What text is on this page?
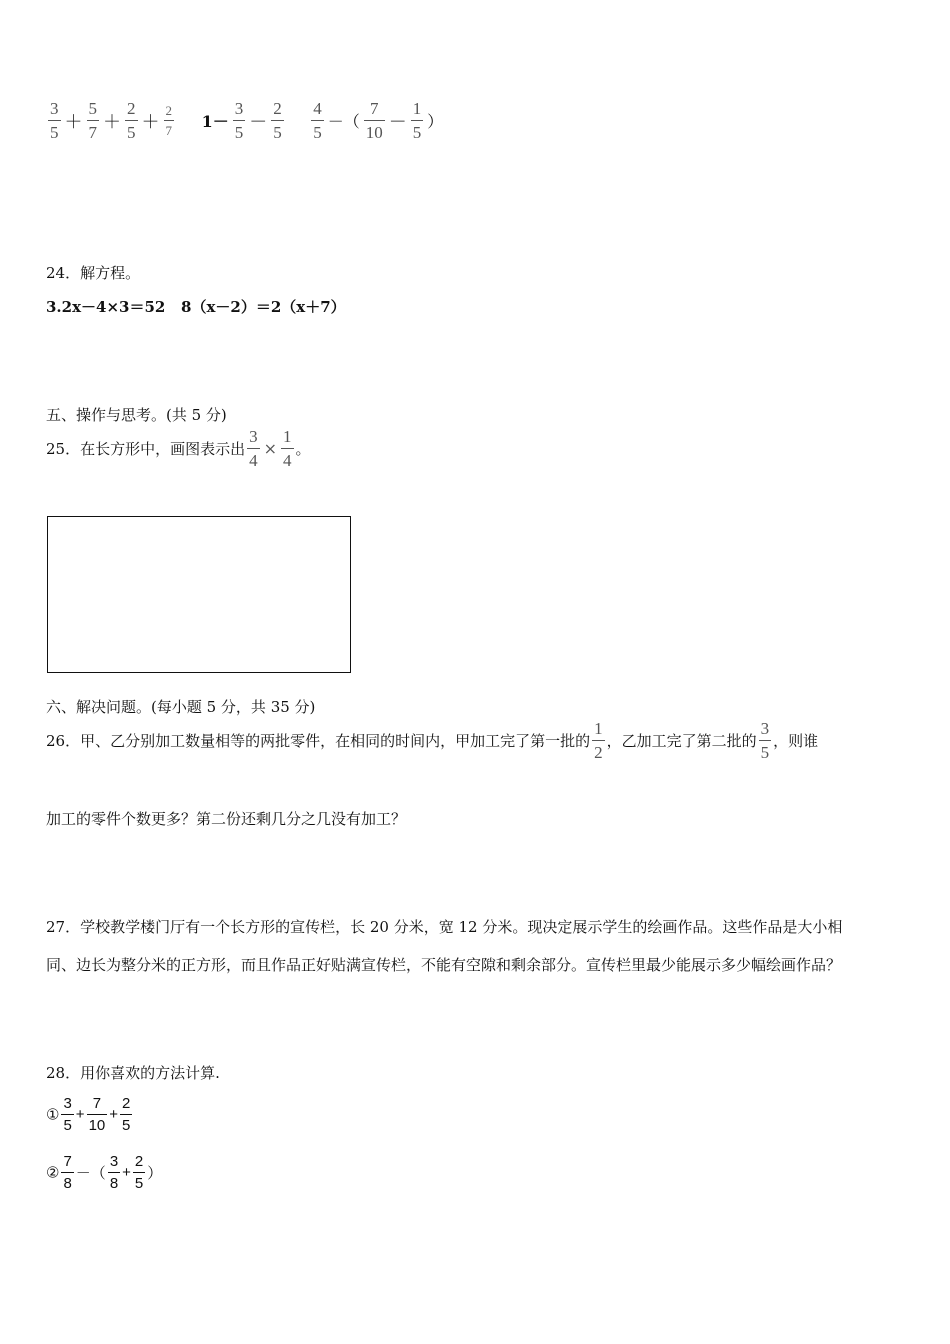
$\frac{3}{5} + \frac{5}{7} + \frac{2}{5} + \frac{2}{7} 1- \frac{3}{5} - \frac{2}{5}$
$\frac{4}{5}$ －（ $\frac{7}{10} - \frac{1}{5}$ ）
24．解方程。
3.2x－4×3＝52 8（x－2）＝2（x＋7）
五、操作与思考。(共 5 分)
25．在长方形中，画图表示出 $\frac{3}{4} \times \frac{1}{4}$ 。
六、解决问题。(每小题 5 分，共 35 分)
26．甲、乙分别加工数量相等的两批零件，在相同的时间内，甲加工完了第一批的 $\frac{1}{2}$ ，乙加工完了第二批的 $\frac{3}{5}$ ，则谁
加工的零件个数更多？第二份还剩几分之几没有加工？
27．学校教学楼门厅有一个长方形的宣传栏，长 20 分米，宽 12 分米。现决定展示学生的绘画作品。这些作品是大小相
同、边长为整分米的正方形，而且作品正好贴满宣传栏，不能有空隙和剩余部分。宣传栏里最少能展示多少幅绘画作品？
28．用你喜欢的方法计算.
① $\frac{3}{5} + \frac{7}{10} + \frac{2}{5}$
② $\frac{7}{8}$ －（ $\frac{3}{8} + \frac{2}{5}$ ）
